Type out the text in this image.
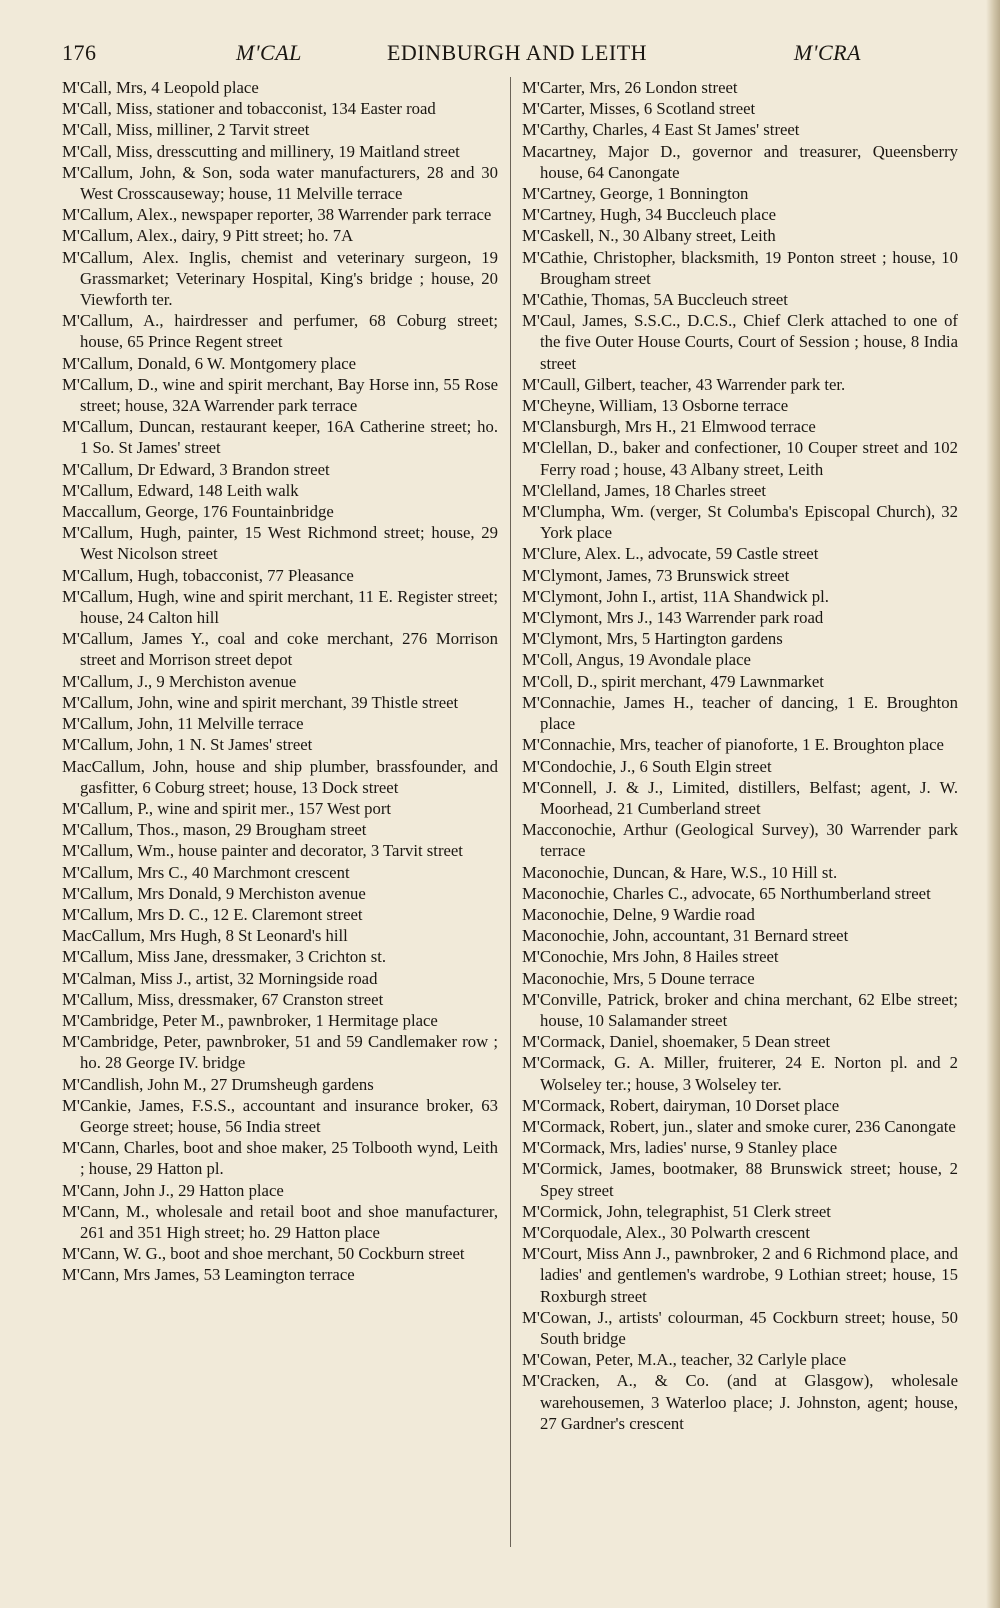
176	M'CAL	EDINBURGH AND LEITH	M'CRA
M'Call, Mrs, 4 Leopold place
M'Call, Miss, stationer and tobacconist, 134 Easter road
M'Call, Miss, milliner, 2 Tarvit street
M'Call, Miss, dresscutting and millinery, 19 Maitland street
M'Callum, John, & Son, soda water manufacturers, 28 and 30 West Crosscauseway; house, 11 Melville terrace
M'Callum, Alex., newspaper reporter, 38 Warrender park terrace
M'Callum, Alex., dairy, 9 Pitt street; ho. 7A
M'Callum, Alex. Inglis, chemist and veterinary surgeon, 19 Grassmarket; Veterinary Hospital, King's bridge ; house, 20 Viewforth ter.
M'Callum, A., hairdresser and perfumer, 68 Coburg street; house, 65 Prince Regent street
M'Callum, Donald, 6 W. Montgomery place
M'Callum, D., wine and spirit merchant, Bay Horse inn, 55 Rose street; house, 32A Warrender park terrace
M'Callum, Duncan, restaurant keeper, 16A Catherine street; ho. 1 So. St James' street
M'Callum, Dr Edward, 3 Brandon street
M'Callum, Edward, 148 Leith walk
Maccallum, George, 176 Fountainbridge
M'Callum, Hugh, painter, 15 West Richmond street; house, 29 West Nicolson street
M'Callum, Hugh, tobacconist, 77 Pleasance
M'Callum, Hugh, wine and spirit merchant, 11 E. Register street; house, 24 Calton hill
M'Callum, James Y., coal and coke merchant, 276 Morrison street and Morrison street depot
M'Callum, J., 9 Merchiston avenue
M'Callum, John, wine and spirit merchant, 39 Thistle street
M'Callum, John, 11 Melville terrace
M'Callum, John, 1 N. St James' street
MacCallum, John, house and ship plumber, brassfounder, and gasfitter, 6 Coburg street; house, 13 Dock street
M'Callum, P., wine and spirit mer., 157 West port
M'Callum, Thos., mason, 29 Brougham street
M'Callum, Wm., house painter and decorator, 3 Tarvit street
M'Callum, Mrs C., 40 Marchmont crescent
M'Callum, Mrs Donald, 9 Merchiston avenue
M'Callum, Mrs D. C., 12 E. Claremont street
MacCallum, Mrs Hugh, 8 St Leonard's hill
M'Callum, Miss Jane, dressmaker, 3 Crichton st.
M'Calman, Miss J., artist, 32 Morningside road
M'Callum, Miss, dressmaker, 67 Cranston street
M'Cambridge, Peter M., pawnbroker, 1 Hermitage place
M'Cambridge, Peter, pawnbroker, 51 and 59 Candlemaker row ; ho. 28 George IV. bridge
M'Candlish, John M., 27 Drumsheugh gardens
M'Cankie, James, F.S.S., accountant and insurance broker, 63 George street; house, 56 India street
M'Cann, Charles, boot and shoe maker, 25 Tolbooth wynd, Leith ; house, 29 Hatton pl.
M'Cann, John J., 29 Hatton place
M'Cann, M., wholesale and retail boot and shoe manufacturer, 261 and 351 High street; ho. 29 Hatton place
M'Cann, W. G., boot and shoe merchant, 50 Cockburn street
M'Cann, Mrs James, 53 Leamington terrace
M'Carter, Mrs, 26 London street
M'Carter, Misses, 6 Scotland street
M'Carthy, Charles, 4 East St James' street
Macartney, Major D., governor and treasurer, Queensberry house, 64 Canongate
M'Cartney, George, 1 Bonnington
M'Cartney, Hugh, 34 Buccleuch place
M'Caskell, N., 30 Albany street, Leith
M'Cathie, Christopher, blacksmith, 19 Ponton street ; house, 10 Brougham street
M'Cathie, Thomas, 5A Buccleuch street
M'Caul, James, S.S.C., D.C.S., Chief Clerk attached to one of the five Outer House Courts, Court of Session ; house, 8 India street
M'Caull, Gilbert, teacher, 43 Warrender park ter.
M'Cheyne, William, 13 Osborne terrace
M'Clansburgh, Mrs H., 21 Elmwood terrace
M'Clellan, D., baker and confectioner, 10 Couper street and 102 Ferry road ; house, 43 Albany street, Leith
M'Clelland, James, 18 Charles street
M'Clumpha, Wm. (verger, St Columba's Episcopal Church), 32 York place
M'Clure, Alex. L., advocate, 59 Castle street
M'Clymont, James, 73 Brunswick street
M'Clymont, John I., artist, 11A Shandwick pl.
M'Clymont, Mrs J., 143 Warrender park road
M'Clymont, Mrs, 5 Hartington gardens
M'Coll, Angus, 19 Avondale place
M'Coll, D., spirit merchant, 479 Lawnmarket
M'Connachie, James H., teacher of dancing, 1 E. Broughton place
M'Connachie, Mrs, teacher of pianoforte, 1 E. Broughton place
M'Condochie, J., 6 South Elgin street
M'Connell, J. & J., Limited, distillers, Belfast; agent, J. W. Moorhead, 21 Cumberland street
Macconochie, Arthur (Geological Survey), 30 Warrender park terrace
Maconochie, Duncan, & Hare, W.S., 10 Hill st.
Maconochie, Charles C., advocate, 65 Northumberland street
Maconochie, Delne, 9 Wardie road
Maconochie, John, accountant, 31 Bernard street
M'Conochie, Mrs John, 8 Hailes street
Maconochie, Mrs, 5 Doune terrace
M'Conville, Patrick, broker and china merchant, 62 Elbe street; house, 10 Salamander street
M'Cormack, Daniel, shoemaker, 5 Dean street
M'Cormack, G. A. Miller, fruiterer, 24 E. Norton pl. and 2 Wolseley ter.; house, 3 Wolseley ter.
M'Cormack, Robert, dairyman, 10 Dorset place
M'Cormack, Robert, jun., slater and smoke curer, 236 Canongate
M'Cormack, Mrs, ladies' nurse, 9 Stanley place
M'Cormick, James, bootmaker, 88 Brunswick street; house, 2 Spey street
M'Cormick, John, telegraphist, 51 Clerk street
M'Corquodale, Alex., 30 Polwarth crescent
M'Court, Miss Ann J., pawnbroker, 2 and 6 Richmond place, and ladies' and gentlemen's wardrobe, 9 Lothian street; house, 15 Roxburgh street
M'Cowan, J., artists' colourman, 45 Cockburn street; house, 50 South bridge
M'Cowan, Peter, M.A., teacher, 32 Carlyle place
M'Cracken, A., & Co. (and at Glasgow), wholesale warehousemen, 3 Waterloo place; J. Johnston, agent; house, 27 Gardner's crescent
